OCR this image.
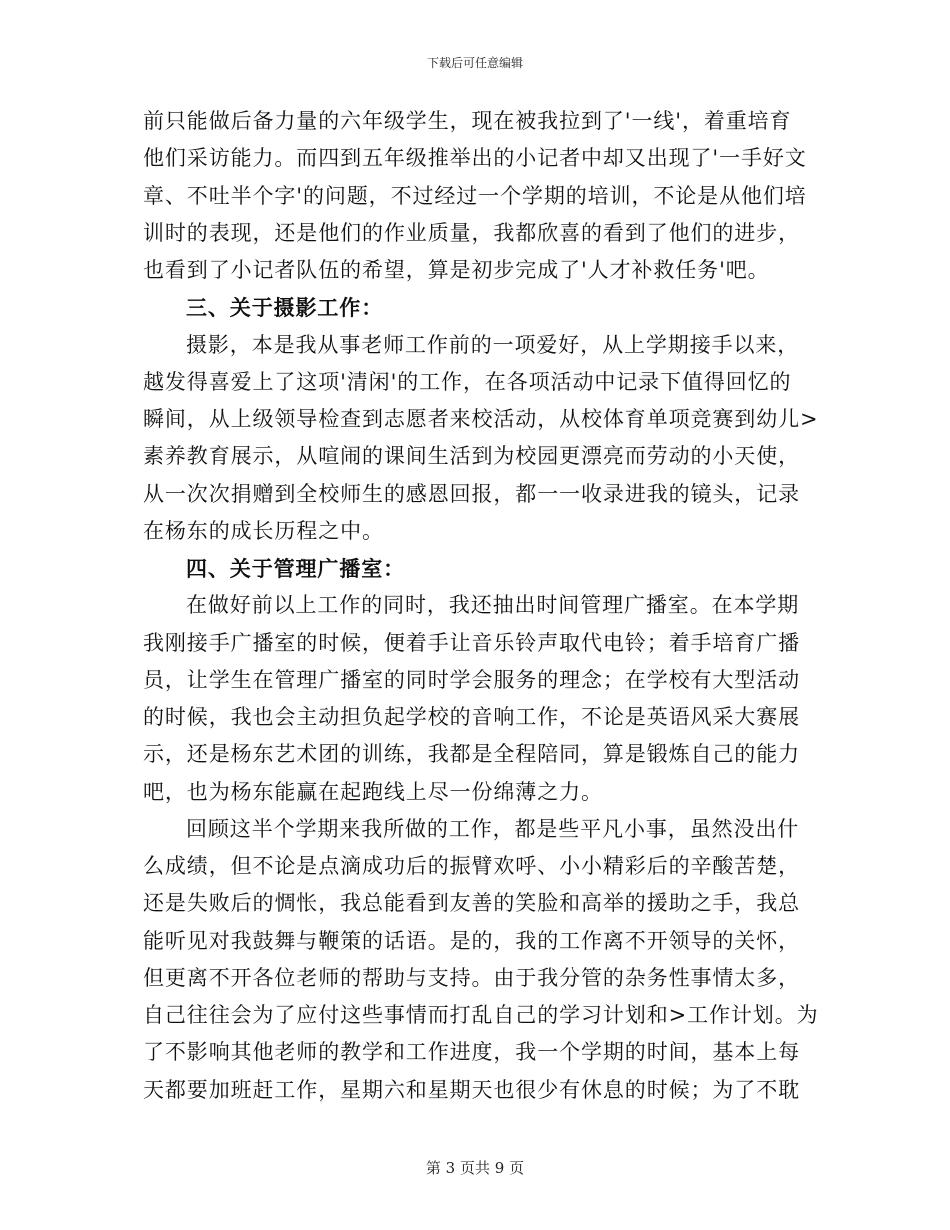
下载后可任意编辑
前只能做后备力量的六年级学生，现在被我拉到了'一线'，着重培育
他们采访能力。而四到五年级推举出的小记者中却又出现了'一手好文
章、不吐半个字'的问题，不过经过一个学期的培训，不论是从他们培
训时的表现，还是他们的作业质量，我都欣喜的看到了他们的进步，
也看到了小记者队伍的希望，算是初步完成了'人才补救任务'吧。
三、关于摄影工作：
摄影，本是我从事老师工作前的一项爱好，从上学期接手以来，
越发得喜爱上了这项'清闲'的工作，在各项活动中记录下值得回忆的
瞬间，从上级领导检查到志愿者来校活动，从校体育单项竞赛到幼儿>
素养教育展示，从喧闹的课间生活到为校园更漂亮而劳动的小天使，
从一次次捐赠到全校师生的感恩回报，都一一收录进我的镜头，记录
在杨东的成长历程之中。
四、关于管理广播室：
在做好前以上工作的同时，我还抽出时间管理广播室。在本学期
我刚接手广播室的时候，便着手让音乐铃声取代电铃；着手培育广播
员，让学生在管理广播室的同时学会服务的理念；在学校有大型活动
的时候，我也会主动担负起学校的音响工作，不论是英语风采大赛展
示，还是杨东艺术团的训练，我都是全程陪同，算是锻炼自己的能力
吧，也为杨东能赢在起跑线上尽一份绵薄之力。
回顾这半个学期来我所做的工作，都是些平凡小事，虽然没出什
么成绩，但不论是点滴成功后的振臂欢呼、小小精彩后的辛酸苦楚，
还是失败后的惆怅，我总能看到友善的笑脸和高举的援助之手，我总
能听见对我鼓舞与鞭策的话语。是的，我的工作离不开领导的关怀，
但更离不开各位老师的帮助与支持。由于我分管的杂务性事情太多，
自己往往会为了应付这些事情而打乱自己的学习计划和>工作计划。为
了不影响其他老师的教学和工作进度，我一个学期的时间，基本上每
天都要加班赶工作，星期六和星期天也很少有休息的时候；为了不耽
第 3 页共 9 页
